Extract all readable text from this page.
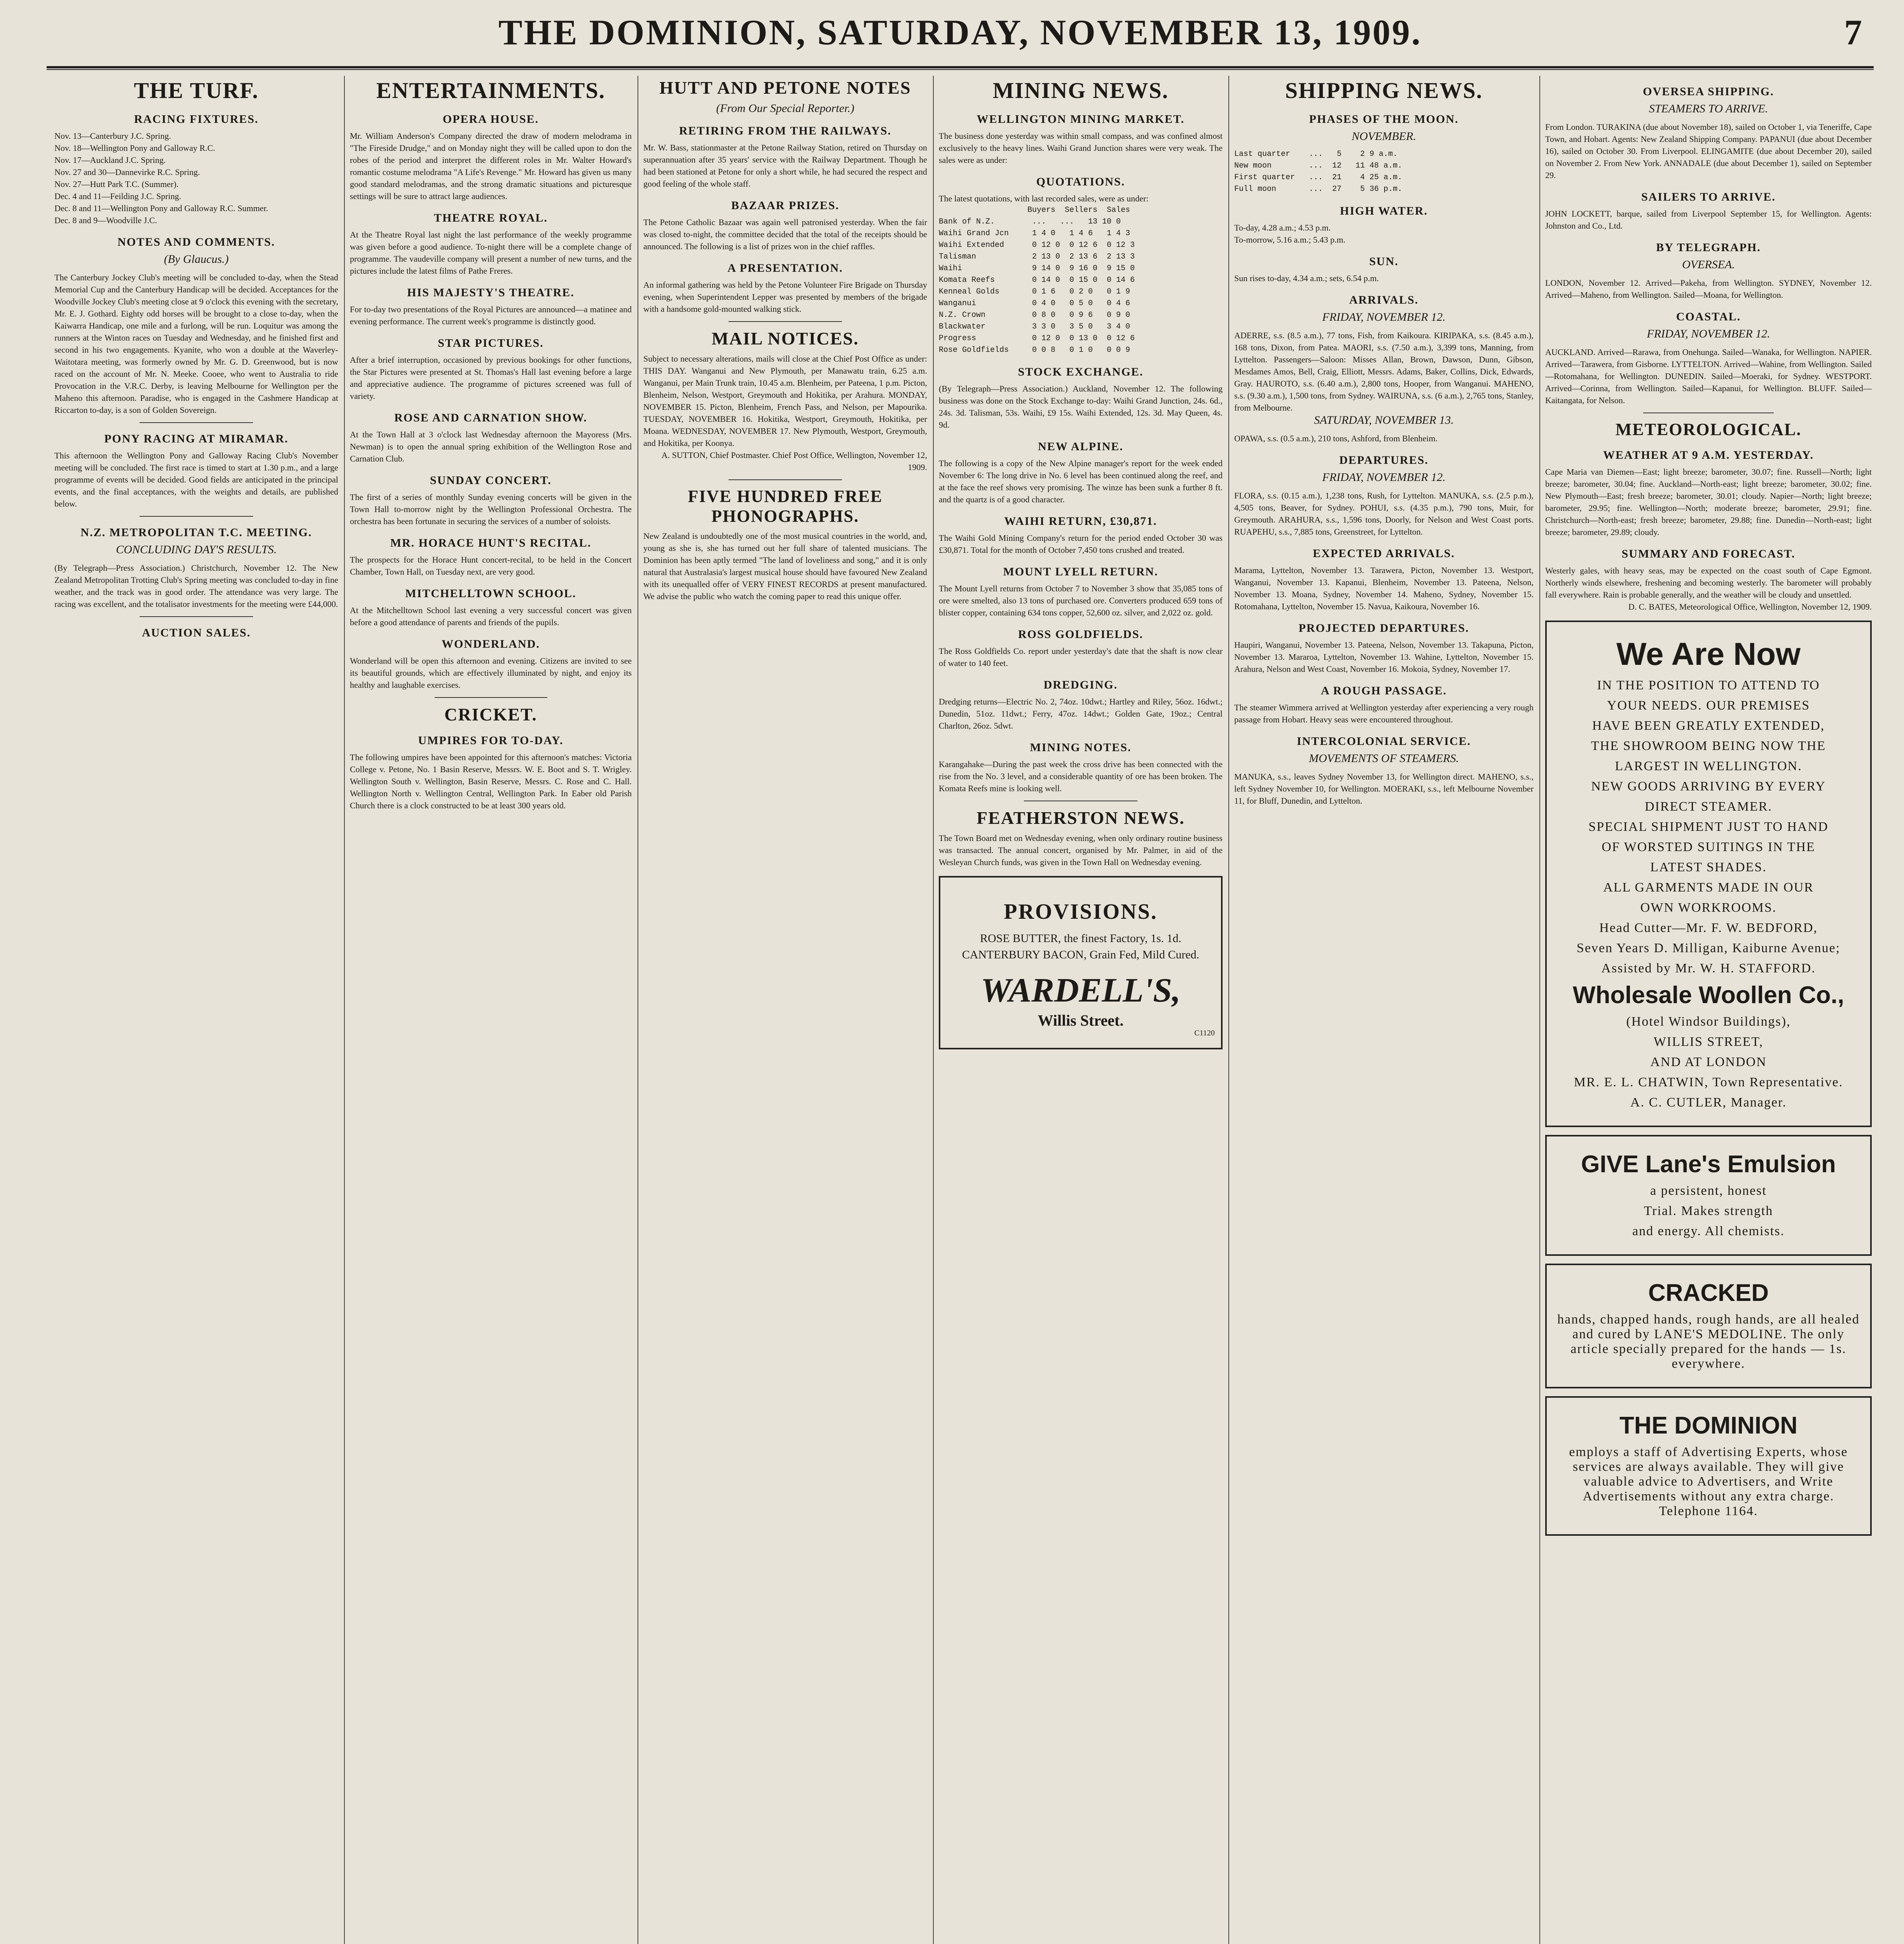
THE DOMINION, SATURDAY, NOVEMBER 13, 1909.	7
THE TURF.
RACING FIXTURES.
Nov. 13—Canterbury J.C. Spring.
Nov. 18—Wellington Pony and Galloway R.C.
Nov. 17—Auckland J.C. Spring.
Nov. 27 and 30—Dannevirke R.C. Spring.
Nov. 27—Hutt Park T.C. (Summer).
Dec. 4 and 11—Feilding J.C. Spring.
Dec. 8 and 11—Wellington Pony and Galloway R.C. Summer.
Dec. 8 and 9—Woodville J.C.
NOTES AND COMMENTS.
(By Glaucus.)

The Canterbury Jockey Club's meeting will be concluded to-day, when the Stead Memorial Cup and the Canterbury Handicap will be decided. Acceptances for the Woodville Jockey Club's meeting close at 9 o'clock this evening with the secretary, Mr. E. J. Gothard. Eighty odd horses will be brought to a close to-day, when the Kaiwarra Handicap, one mile and a furlong, will be run. Loquitur was among the runners at the Winton races on Tuesday and Wednesday, and he finished first and second in his two engagements. Kyanite, who won a double at the Waverley-Waitotara meeting, was formerly owned by Mr. G. D. Greenwood, but is now raced on the account of Mr. N. Meeke. Cooee, who went to Australia to ride Provocation in the V.R.C. Derby, is leaving Melbourne for Wellington per the Maheno this afternoon. Paradise, who is engaged in the Cashmere Handicap at Riccarton to-day, is a son of Golden Sovereign.

PONY RACING AT MIRAMAR.

This afternoon the Wellington Pony and Galloway Racing Club's November meeting will be concluded. The first race is timed to start at 1.30 p.m., and a large programme of events will be decided. Good fields are anticipated in the principal events, and the final acceptances, with the weights and details, are published below.

N.Z. METROPOLITAN T.C. MEETING.
CONCLUDING DAY'S RESULTS.

(By Telegraph—Press Association.) Christchurch, November 12. The New Zealand Metropolitan Trotting Club's Spring meeting was concluded to-day in fine weather, and the track was in good order. The attendance was very large. The racing was excellent, and the totalisator investments for the meeting were £44,000.

AUCTION SALES.
ENTERTAINMENTS.
OPERA HOUSE.

Mr. William Anderson's Company directed the draw of modern melodrama in "The Fireside Drudge," and on Monday night they will be called upon to don the robes of the period and interpret the different roles in Mr. Walter Howard's romantic costume melodrama "A Life's Revenge." Mr. Howard has given us many good standard melodramas, and the strong dramatic situations and picturesque settings will be sure to attract large audiences.

THEATRE ROYAL.

At the Theatre Royal last night the last performance of the weekly programme was given before a good audience. To-night there will be a complete change of programme. The vaudeville company will present a number of new turns, and the pictures include the latest films of Pathe Freres.

HIS MAJESTY'S THEATRE.

For to-day two presentations of the Royal Pictures are announced—a matinee and evening performance. The current week's programme is distinctly good.

STAR PICTURES.

After a brief interruption, occasioned by previous bookings for other functions, the Star Pictures were presented at St. Thomas's Hall last evening before a large and appreciative audience. The programme of pictures screened was full of variety.

ROSE AND CARNATION SHOW.

At the Town Hall at 3 o'clock last Wednesday afternoon the Mayoress (Mrs. Newman) is to open the annual spring exhibition of the Wellington Rose and Carnation Club.

SUNDAY CONCERT.

The first of a series of monthly Sunday evening concerts will be given in the Town Hall to-morrow night by the Wellington Professional Orchestra. The orchestra has been fortunate in securing the services of a number of soloists.

MR. HORACE HUNT'S RECITAL.

The prospects for the Horace Hunt concert-recital, to be held in the Concert Chamber, Town Hall, on Tuesday next, are very good.

MITCHELLTOWN SCHOOL.

At the Mitchelltown School last evening a very successful concert was given before a good attendance of parents and friends of the pupils.

WONDERLAND.

Wonderland will be open this afternoon and evening. Citizens are invited to see its beautiful grounds, which are effectively illuminated by night, and enjoy its healthy and laughable exercises.

CRICKET.
UMPIRES FOR TO-DAY.

The following umpires have been appointed for this afternoon's matches: Victoria College v. Petone, No. 1 Basin Reserve, Messrs. W. E. Boot and S. T. Wrigley. Wellington South v. Wellington, Basin Reserve, Messrs. C. Rose and C. Hall. Wellington North v. Wellington Central, Wellington Park. In Eaber old Parish Church there is a clock constructed to be at least 300 years old.

HUTT AND PETONE NOTES
(From Our Special Reporter.)
RETIRING FROM THE RAILWAYS.

Mr. W. Bass, stationmaster at the Petone Railway Station, retired on Thursday on superannuation after 35 years' service with the Railway Department. Though he had been stationed at Petone for only a short while, he had secured the respect and good feeling of the whole staff.

BAZAAR PRIZES.

The Petone Catholic Bazaar was again well patronised yesterday. When the fair was closed to-night, the committee decided that the total of the receipts should be announced. The following is a list of prizes won in the chief raffles.

A PRESENTATION.

An informal gathering was held by the Petone Volunteer Fire Brigade on Thursday evening, when Superintendent Lepper was presented by members of the brigade with a handsome gold-mounted walking stick.

MAIL NOTICES.

Subject to necessary alterations, mails will close at the Chief Post Office as under: THIS DAY. Wanganui and New Plymouth, per Manawatu train, 6.25 a.m. Wanganui, per Main Trunk train, 10.45 a.m. Blenheim, per Pateena, 1 p.m. Picton, Blenheim, Nelson, Westport, Greymouth and Hokitika, per Arahura. MONDAY, NOVEMBER 15. Picton, Blenheim, French Pass, and Nelson, per Mapourika. TUESDAY, NOVEMBER 16. Hokitika, Westport, Greymouth, Hokitika, per Moana. WEDNESDAY, NOVEMBER 17. New Plymouth, Westport, Greymouth, and Hokitika, per Koonya.

A. SUTTON, Chief Postmaster. Chief Post Office, Wellington, November 12, 1909.

FIVE HUNDRED FREE PHONOGRAPHS.

New Zealand is undoubtedly one of the most musical countries in the world, and, young as she is, she has turned out her full share of talented musicians. The Dominion has been aptly termed "The land of loveliness and song," and it is only natural that Australasia's largest musical house should have favoured New Zealand with its unequalled offer of VERY FINEST RECORDS at present manufactured. We advise the public who watch the coming paper to read this unique offer.

MINING NEWS.
WELLINGTON MINING MARKET.

The business done yesterday was within small compass, and was confined almost exclusively to the heavy lines. Waihi Grand Junction shares were very weak. The sales were as under:

QUOTATIONS.

The latest quotations, with last recorded sales, were as under:

Buyers  Sellers  Sales
Bank of N.Z.        ...   ...   13 10 0
Waihi Grand Jcn     1 4 0   1 4 6   1 4 3
Waihi Extended      0 12 0  0 12 6  0 12 3
Talisman            2 13 0  2 13 6  2 13 3
Waihi               9 14 0  9 16 0  9 15 0
Komata Reefs        0 14 0  0 15 0  0 14 6
Kenneal Golds       0 1 6   0 2 0   0 1 9
Wanganui            0 4 0   0 5 0   0 4 6
N.Z. Crown          0 8 0   0 9 6   0 9 0
Blackwater          3 3 0   3 5 0   3 4 0
Progress            0 12 0  0 13 0  0 12 6
Rose Goldfields     0 0 8   0 1 0   0 0 9
STOCK EXCHANGE.

(By Telegraph—Press Association.) Auckland, November 12. The following business was done on the Stock Exchange to-day: Waihi Grand Junction, 24s. 6d., 24s. 3d. Talisman, 53s. Waihi, £9 15s. Waihi Extended, 12s. 3d. May Queen, 4s. 9d.

NEW ALPINE.

The following is a copy of the New Alpine manager's report for the week ended November 6: The long drive in No. 6 level has been continued along the reef, and at the face the reef shows very promising. The winze has been sunk a further 8 ft. and the quartz is of a good character.

WAIHI RETURN, £30,871.

The Waihi Gold Mining Company's return for the period ended October 30 was £30,871. Total for the month of October 7,450 tons crushed and treated.

MOUNT LYELL RETURN.

The Mount Lyell returns from October 7 to November 3 show that 35,085 tons of ore were smelted, also 13 tons of purchased ore. Converters produced 659 tons of blister copper, containing 634 tons copper, 52,600 oz. silver, and 2,022 oz. gold.

ROSS GOLDFIELDS.

The Ross Goldfields Co. report under yesterday's date that the shaft is now clear of water to 140 feet.

DREDGING.

Dredging returns—Electric No. 2, 74oz. 10dwt.; Hartley and Riley, 56oz. 16dwt.; Dunedin, 51oz. 11dwt.; Ferry, 47oz. 14dwt.; Golden Gate, 19oz.; Central Charlton, 26oz. 5dwt.

MINING NOTES.

Karangahake—During the past week the cross drive has been connected with the rise from the No. 3 level, and a considerable quantity of ore has been broken. The Komata Reefs mine is looking well.

FEATHERSTON NEWS.

The Town Board met on Wednesday evening, when only ordinary routine business was transacted. The annual concert, organised by Mr. Palmer, in aid of the Wesleyan Church funds, was given in the Town Hall on Wednesday evening.

PROVISIONS.
ROSE BUTTER, the finest Factory, 1s. 1d.
CANTERBURY BACON, Grain Fed, Mild Cured.
WARDELL'S,
Willis Street.
C1120
SHIPPING NEWS.
PHASES OF THE MOON.
NOVEMBER.
Last quarter    ...   5    2 9 a.m.
New moon        ...  12   11 48 a.m.
First quarter   ...  21    4 25 a.m.
Full moon       ...  27    5 36 p.m.
HIGH WATER.
To-day, 4.28 a.m.; 4.53 p.m.
To-morrow, 5.16 a.m.; 5.43 p.m.
SUN.
Sun rises to-day, 4.34 a.m.; sets, 6.54 p.m.
ARRIVALS.
FRIDAY, NOVEMBER 12.

ADERRE, s.s. (8.5 a.m.), 77 tons, Fish, from Kaikoura. KIRIPAKA, s.s. (8.45 a.m.), 168 tons, Dixon, from Patea. MAORI, s.s. (7.50 a.m.), 3,399 tons, Manning, from Lyttelton. Passengers—Saloon: Misses Allan, Brown, Dawson, Dunn, Gibson, Mesdames Amos, Bell, Craig, Elliott, Messrs. Adams, Baker, Collins, Dick, Edwards, Gray. HAUROTO, s.s. (6.40 a.m.), 2,800 tons, Hooper, from Wanganui. MAHENO, s.s. (9.30 a.m.), 1,500 tons, from Sydney. WAIRUNA, s.s. (6 a.m.), 2,765 tons, Stanley, from Melbourne.

SATURDAY, NOVEMBER 13.

OPAWA, s.s. (0.5 a.m.), 210 tons, Ashford, from Blenheim.

DEPARTURES.
FRIDAY, NOVEMBER 12.

FLORA, s.s. (0.15 a.m.), 1,238 tons, Rush, for Lyttelton. MANUKA, s.s. (2.5 p.m.), 4,505 tons, Beaver, for Sydney. POHUI, s.s. (4.35 p.m.), 790 tons, Muir, for Greymouth. ARAHURA, s.s., 1,596 tons, Doorly, for Nelson and West Coast ports. RUAPEHU, s.s., 7,885 tons, Greenstreet, for Lyttelton.

EXPECTED ARRIVALS.

Marama, Lyttelton, November 13. Tarawera, Picton, November 13. Westport, Wanganui, November 13. Kapanui, Blenheim, November 13. Pateena, Nelson, November 13. Moana, Sydney, November 14. Maheno, Sydney, November 15. Rotomahana, Lyttelton, November 15. Navua, Kaikoura, November 16.

PROJECTED DEPARTURES.

Haupiri, Wanganui, November 13. Pateena, Nelson, November 13. Takapuna, Picton, November 13. Mararoa, Lyttelton, November 13. Wahine, Lyttelton, November 15. Arahura, Nelson and West Coast, November 16. Mokoia, Sydney, November 17.

A ROUGH PASSAGE.

The steamer Wimmera arrived at Wellington yesterday after experiencing a very rough passage from Hobart. Heavy seas were encountered throughout.

INTERCOLONIAL SERVICE.
MOVEMENTS OF STEAMERS.

MANUKA, s.s., leaves Sydney November 13, for Wellington direct. MAHENO, s.s., left Sydney November 10, for Wellington. MOERAKI, s.s., left Melbourne November 11, for Bluff, Dunedin, and Lyttelton.

OVERSEA SHIPPING.
STEAMERS TO ARRIVE.

From London. TURAKINA (due about November 18), sailed on October 1, via Teneriffe, Cape Town, and Hobart. Agents: New Zealand Shipping Company. PAPANUI (due about December 16), sailed on October 30. From Liverpool. ELINGAMITE (due about December 20), sailed on November 2. From New York. ANNADALE (due about December 1), sailed on September 29.

SAILERS TO ARRIVE.

JOHN LOCKETT, barque, sailed from Liverpool September 15, for Wellington. Agents: Johnston and Co., Ltd.

BY TELEGRAPH.
OVERSEA.

LONDON, November 12. Arrived—Pakeha, from Wellington. SYDNEY, November 12. Arrived—Maheno, from Wellington. Sailed—Moana, for Wellington.

COASTAL.
FRIDAY, NOVEMBER 12.

AUCKLAND. Arrived—Rarawa, from Onehunga. Sailed—Wanaka, for Wellington. NAPIER. Arrived—Tarawera, from Gisborne. LYTTELTON. Arrived—Wahine, from Wellington. Sailed—Rotomahana, for Wellington. DUNEDIN. Sailed—Moeraki, for Sydney. WESTPORT. Arrived—Corinna, from Wellington. Sailed—Kapanui, for Wellington. BLUFF. Sailed—Kaitangata, for Nelson.

METEOROLOGICAL.
WEATHER AT 9 A.M. YESTERDAY.

Cape Maria van Diemen—East; light breeze; barometer, 30.07; fine. Russell—North; light breeze; barometer, 30.04; fine. Auckland—North-east; light breeze; barometer, 30.02; fine. New Plymouth—East; fresh breeze; barometer, 30.01; cloudy. Napier—North; light breeze; barometer, 29.95; fine. Wellington—North; moderate breeze; barometer, 29.91; fine. Christchurch—North-east; fresh breeze; barometer, 29.88; fine. Dunedin—North-east; light breeze; barometer, 29.89; cloudy.

SUMMARY AND FORECAST.

Westerly gales, with heavy seas, may be expected on the coast south of Cape Egmont. Northerly winds elsewhere, freshening and becoming westerly. The barometer will probably fall everywhere. Rain is probable generally, and the weather will be cloudy and unsettled.

D. C. BATES, Meteorological Office, Wellington, November 12, 1909.

We Are Now
IN THE POSITION TO ATTEND TO
YOUR NEEDS. OUR PREMISES
HAVE BEEN GREATLY EXTENDED,
THE SHOWROOM BEING NOW THE
LARGEST IN WELLINGTON.
NEW GOODS ARRIVING BY EVERY
DIRECT STEAMER.
SPECIAL SHIPMENT JUST TO HAND
OF WORSTED SUITINGS IN THE
LATEST SHADES.
ALL GARMENTS MADE IN OUR
OWN WORKROOMS.
Head Cutter—Mr. F. W. BEDFORD,
Seven Years D. Milligan, Kaiburne Avenue;
Assisted by Mr. W. H. STAFFORD.
Wholesale Woollen Co.,
(Hotel Windsor Buildings),
WILLIS STREET,
AND AT LONDON
MR. E. L. CHATWIN, Town Representative.
A. C. CUTLER, Manager.
GIVE Lane's Emulsion
a persistent, honest
Trial. Makes strength
and energy. All chemists.
CRACKED
hands, chapped hands, rough hands, are all healed and cured by LANE'S MEDOLINE. The only article specially prepared for the hands — 1s. everywhere.
THE DOMINION
employs a staff of Advertising Experts, whose services are always available. They will give valuable advice to Advertisers, and Write Advertisements without any extra charge. Telephone 1164.
